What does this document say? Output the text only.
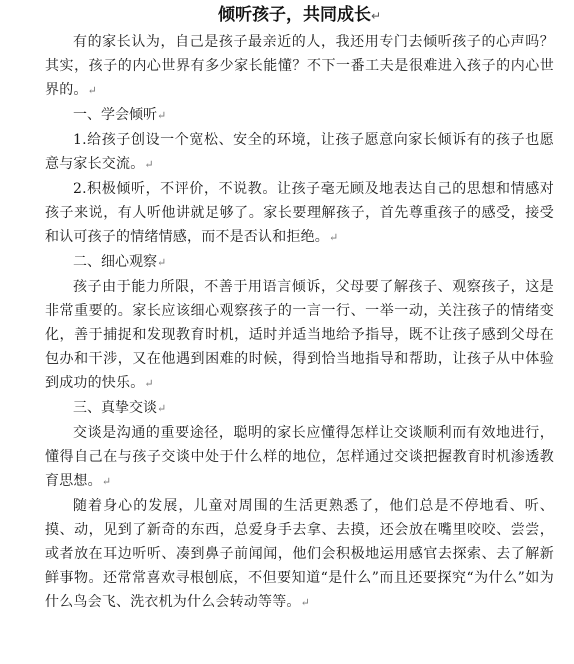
倾听孩子，共同成长↵

有的家长认为，自己是孩子最亲近的人，我还用专门去倾听孩子的心声吗？其实，孩子的内心世界有多少家长能懂？不下一番工夫是很难进入孩子的内心世界的。↵

一、学会倾听↵

1.给孩子创设一个宽松、安全的环境，让孩子愿意向家长倾诉有的孩子也愿意与家长交流。↵

2.积极倾听，不评价，不说教。让孩子毫无顾及地表达自己的思想和情感对孩子来说，有人听他讲就足够了。家长要理解孩子，首先尊重孩子的感受，接受和认可孩子的情绪情感，而不是否认和拒绝。↵

二、细心观察↵

孩子由于能力所限，不善于用语言倾诉，父母要了解孩子、观察孩子，这是非常重要的。家长应该细心观察孩子的一言一行、一举一动，关注孩子的情绪变化，善于捕捉和发现教育时机，适时并适当地给予指导，既不让孩子感到父母在包办和干涉，又在他遇到困难的时候，得到恰当地指导和帮助，让孩子从中体验到成功的快乐。↵

三、真挚交谈↵

交谈是沟通的重要途径，聪明的家长应懂得怎样让交谈顺利而有效地进行，懂得自己在与孩子交谈中处于什么样的地位，怎样通过交谈把握教育时机渗透教育思想。↵

随着身心的发展，儿童对周围的生活更熟悉了，他们总是不停地看、听、摸、动，见到了新奇的东西，总爱身手去拿、去摸，还会放在嘴里咬咬、尝尝，或者放在耳边听听、凑到鼻子前闻闻，他们会积极地运用感官去探索、去了解新鲜事物。还常常喜欢寻根刨底，不但要知道“是什么”而且还要探究“为什么”如为什么鸟会飞、洗衣机为什么会转动等等。↵
